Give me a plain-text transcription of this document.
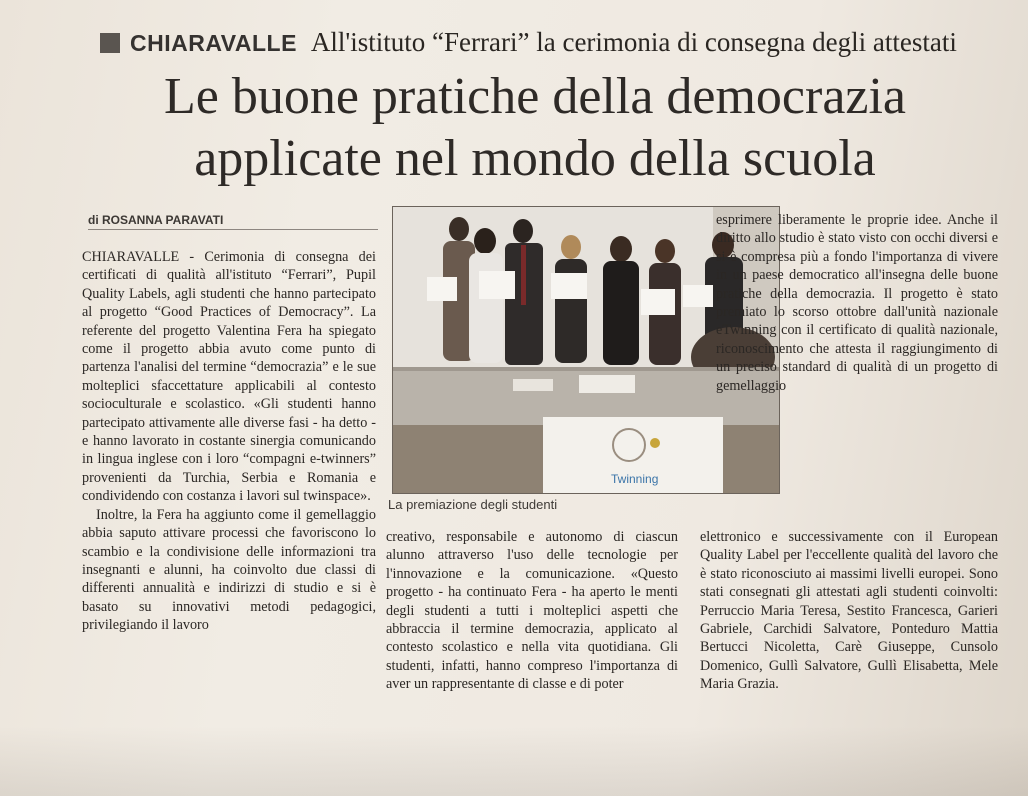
CHIARAVALLE All'istituto “Ferrari” la cerimonia di consegna degli attestati
Le buone pratiche della democrazia
applicate nel mondo della scuola
di ROSANNA PARAVATI

CHIARAVALLE - Cerimonia di consegna dei certificati di qualità all'istituto “Ferrari”, Pupil Quality Labels, agli studenti che hanno partecipato al progetto “Good Practices of Democracy”. La referente del progetto Valentina Fera ha spiegato come il progetto abbia avuto come punto di partenza l'analisi del termine “democrazia” e le sue molteplici sfaccettature applicabili al contesto socioculturale e scolastico. «Gli studenti hanno partecipato attivamente alle diverse fasi - ha detto - e hanno lavorato in costante sinergia comunicando in lingua inglese con i loro “compagni e-twinners” provenienti da Turchia, Serbia e Romania e condividendo con costanza i lavori sul twinspace».

Inoltre, la Fera ha aggiunto come il gemellaggio abbia saputo attivare processi che favoriscono lo scambio e la condivisione delle informazioni tra insegnanti e alunni, ha coinvolto due classi di differenti annualità e indirizzi di studio e si è basato su innovativi metodi pedagogici, privilegiando il lavoro

Twinning
La premiazione degli studenti

creativo, responsabile e autonomo di ciascun alunno attraverso l'uso delle tecnologie per l'innovazione e la comunicazione. «Questo progetto - ha continuato Fera - ha aperto le menti degli studenti a tutti i molteplici aspetti che abbraccia il termine democrazia, applicato al contesto scolastico e nella vita quotidiana. Gli studenti, infatti, hanno compreso l'importanza di aver un rappresentante di classe e di poter

esprimere liberamente le proprie idee. Anche il diritto allo studio è stato visto con occhi diversi e si è compresa più a fondo l'importanza di vivere in un paese democratico all'insegna delle buone pratiche della democrazia. Il progetto è stato premiato lo scorso ottobre dall'unità nazionale eTwinning con il certificato di qualità nazionale, riconoscimento che attesta il raggiungimento di un preciso standard di qualità di un progetto di gemellaggio

elettronico e successivamente con il European Quality Label per l'eccellente qualità del lavoro che è stato riconosciuto ai massimi livelli europei. Sono stati consegnati gli attestati agli studenti coinvolti: Perruccio Maria Teresa, Sestito Francesca, Garieri Gabriele, Carchidi Salvatore, Ponteduro Mattia Bertucci Nicoletta, Carè Giuseppe, Cunsolo Domenico, Gullì Salvatore, Gullì Elisabetta, Mele Maria Grazia.
